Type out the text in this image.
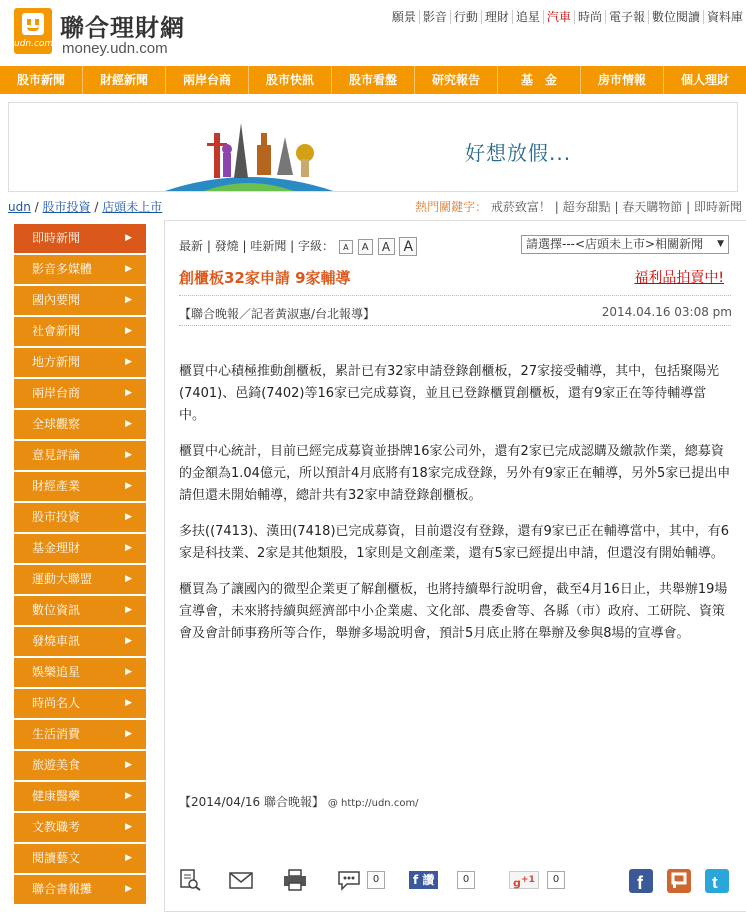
udn.com
聯合理財網
money.udn.com
願景 影音 行動 理財 追星 汽車 時尚 電子報 數位閱讀 資料庫
股市新聞	財經新聞	兩岸台商	股市快訊	股市看盤	研究報告	基　金	房市情報	個人理財
好想放假...
udn / 股市投資 / 店頭未上市	熱門關鍵字： 戒菸致富！ | 超夯甜點 | 春天購物節 | 即時新聞
即時新聞	▶
影音多媒體	▶
國內要聞	▶
社會新聞	▶
地方新聞	▶
兩岸台商	▶
全球觀察	▶
意見評論	▶
財經產業	▶
股市投資	▶
基金理財	▶
運動大聯盟	▶
數位資訊	▶
發燒車訊	▶
娛樂追星	▶
時尚名人	▶
生活消費	▶
旅遊美食	▶
健康醫藥	▶
文教職考	▶
閱讀藝文	▶
聯合書報攤	▶
最新 | 發燒 | 哇新聞 | 字級： A A A A	請選擇---<店頭未上市>相關新聞 ▼
創櫃板32家申請 9家輔導	福利品拍賣中!
【聯合晚報／記者黃淑惠/台北報導】	2014.04.16 03:08 pm

櫃買中心積極推動創櫃板，累計已有32家申請登錄創櫃板，27家接受輔導，其中，包括聚陽光(7401)、邑錡(7402)等16家已完成募資，並且已登錄櫃買創櫃板，還有9家正在等待輔導當中。

櫃買中心統計，目前已經完成募資並掛牌16家公司外，還有2家已完成認購及繳款作業，總募資的金額為1.04億元，所以預計4月底將有18家完成登錄，另外有9家正在輔導，另外5家已提出申請但還未開始輔導，總計共有32家申請登錄創櫃板。

多扶((7413)、漢田(7418)已完成募資，目前還沒有登錄，還有9家已正在輔導當中，其中，有6家是科技業、2家是其他類股，1家則是文創產業，還有5家已經提出申請，但還沒有開始輔導。

櫃買為了讓國內的微型企業更了解創櫃板，也將持續舉行說明會，截至4月16日止，共舉辦19場宣導會，未來將持續與經濟部中小企業處、文化部、農委會等、各縣（市）政府、工研院、資策會及會計師事務所等合作，舉辦多場說明會，預計5月底止將在舉辦及參與8場的宣導會。

【2014/04/16 聯合晚報】 @ http://udn.com/
0	f 讚	0	$g^{+1}$	0	f	t
